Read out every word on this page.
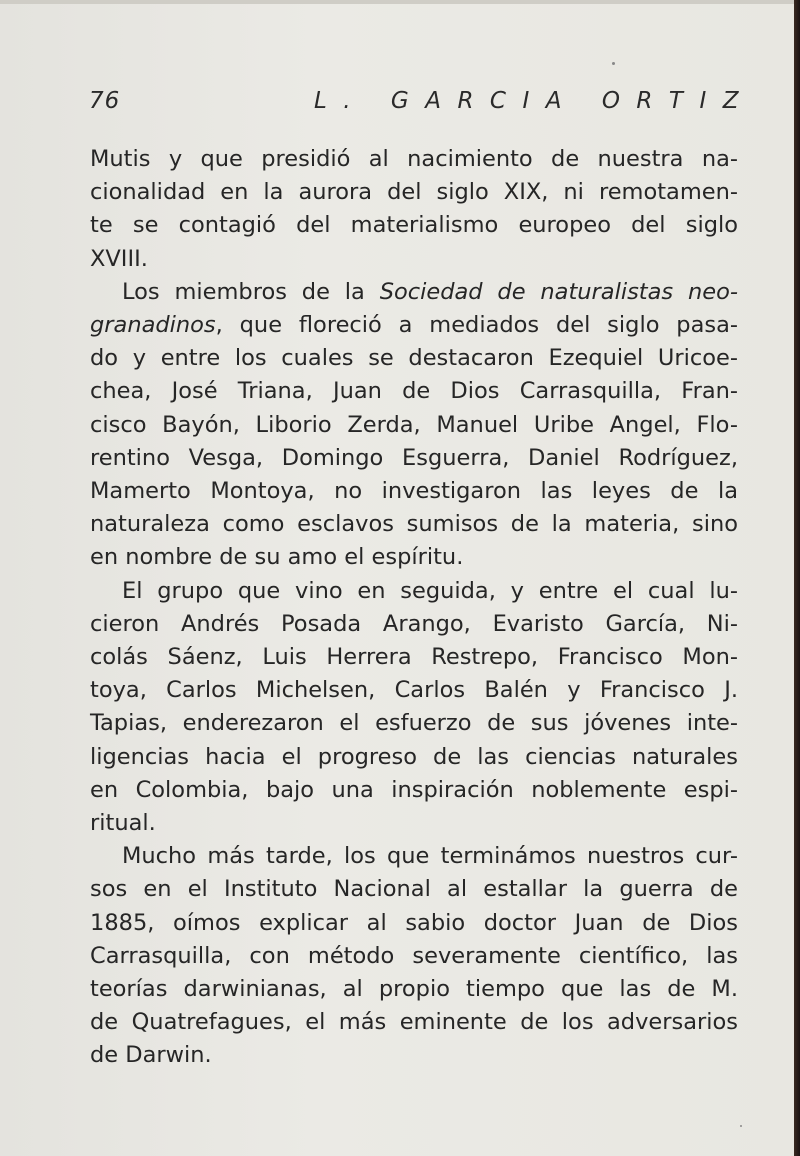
76	L. GARCIA ORTIZ

Mutis y que presidió al nacimiento de nuestra na-
cionalidad en la aurora del siglo XIX, ni remotamen-
te se contagió del materialismo europeo del siglo
XVIII.

Los miembros de la Sociedad de naturalistas neo-
granadinos, que floreció a mediados del siglo pasa-
do y entre los cuales se destacaron Ezequiel Uricoe-
chea, José Triana, Juan de Dios Carrasquilla, Fran-
cisco Bayón, Liborio Zerda, Manuel Uribe Angel, Flo-
rentino Vesga, Domingo Esguerra, Daniel Rodríguez,
Mamerto Montoya, no investigaron las leyes de la
naturaleza como esclavos sumisos de la materia, sino
en nombre de su amo el espíritu.

El grupo que vino en seguida, y entre el cual lu-
cieron Andrés Posada Arango, Evaristo García, Ni-
colás Sáenz, Luis Herrera Restrepo, Francisco Mon-
toya, Carlos Michelsen, Carlos Balén y Francisco J.
Tapias, enderezaron el esfuerzo de sus jóvenes inte-
ligencias hacia el progreso de las ciencias naturales
en Colombia, bajo una inspiración noblemente espi-
ritual.

Mucho más tarde, los que terminámos nuestros cur-
sos en el Instituto Nacional al estallar la guerra de
1885, oímos explicar al sabio doctor Juan de Dios
Carrasquilla, con método severamente científico, las
teorías darwinianas, al propio tiempo que las de M.
de Quatrefagues, el más eminente de los adversarios
de Darwin.
